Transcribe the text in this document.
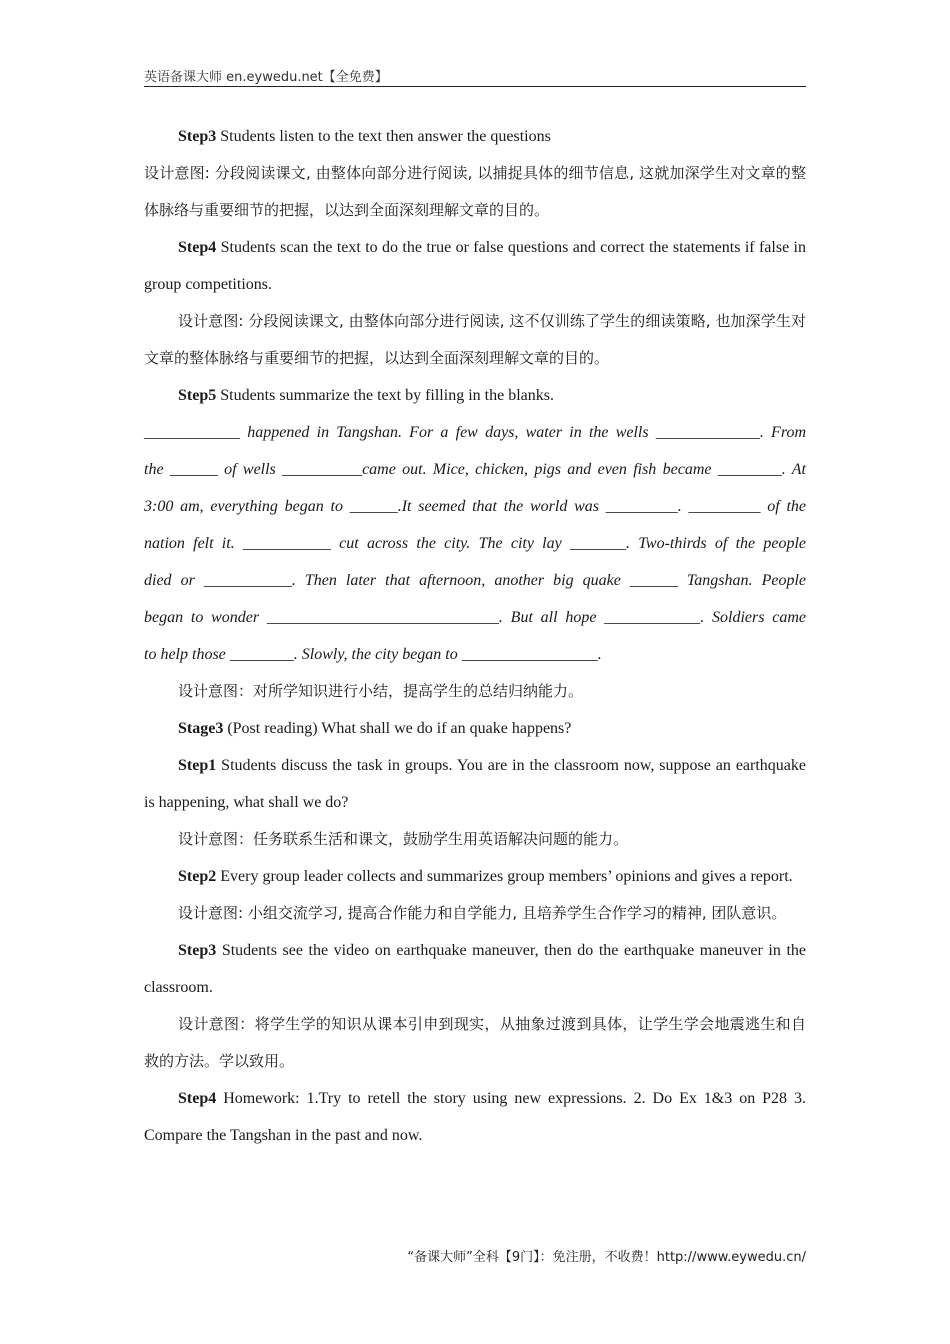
英语备课大师 en.eywedu.net【全免费】

Step3 Students listen to the text then answer the questions

设计意图: 分段阅读课文, 由整体向部分进行阅读, 以捕捉具体的细节信息, 这就加深学生对文章的整体脉络与重要细节的把握，以达到全面深刻理解文章的目的。

Step4 Students scan the text to do the true or false questions and correct the statements if false in group competitions.

设计意图: 分段阅读课文, 由整体向部分进行阅读, 这不仅训练了学生的细读策略, 也加深学生对文章的整体脉络与重要细节的把握，以达到全面深刻理解文章的目的。

Step5 Students summarize the text by filling in the blanks.

____________ happened in Tangshan. For a few days, water in the wells _____________. From

the ______ of wells __________came out. Mice, chicken, pigs and even fish became ________. At

3:00 am, everything began to ______.It seemed that the world was _________. _________ of the

nation felt it. ___________ cut across the city. The city lay _______. Two-thirds of the people

died or ___________. Then later that afternoon, another big quake ______ Tangshan. People

began to wonder _____________________________. But all hope ____________. Soldiers came

to help those ________. Slowly, the city began to _________________.

设计意图：对所学知识进行小结，提高学生的总结归纳能力。

Stage3 (Post reading) What shall we do if an quake happens?

Step1 Students discuss the task in groups. You are in the classroom now, suppose an earthquake is happening, what shall we do?

设计意图：任务联系生活和课文，鼓励学生用英语解决问题的能力。

Step2 Every group leader collects and summarizes group members’ opinions and gives a report.

设计意图: 小组交流学习, 提高合作能力和自学能力, 且培养学生合作学习的精神, 团队意识。

Step3 Students see the video on earthquake maneuver, then do the earthquake maneuver in the classroom.

设计意图：将学生学的知识从课本引申到现实，从抽象过渡到具体，让学生学会地震逃生和自救的方法。学以致用。

Step4 Homework: 1.Try to retell the story using new expressions. 2. Do Ex 1&3 on P28 3. Compare the Tangshan in the past and now.

“备课大师”全科【9门】：免注册，不收费！http://www.eywedu.cn/
